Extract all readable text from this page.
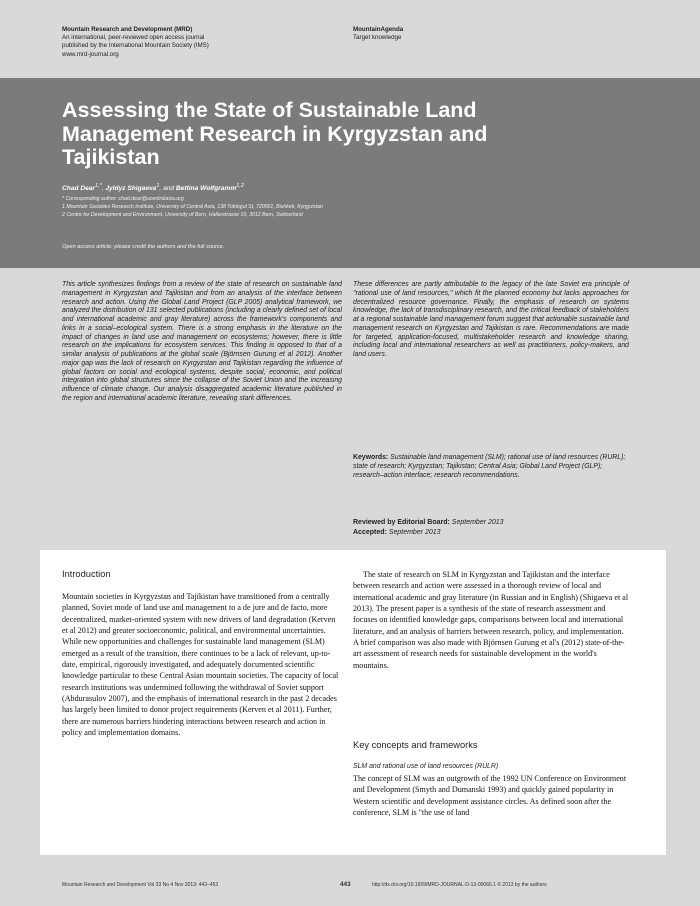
Mountain Research and Development (MRD)
An international, peer-reviewed open access journal
published by the International Mountain Society (IMS)
www.mrd-journal.org
MountainAgenda
Target knowledge
Assessing the State of Sustainable Land Management Research in Kyrgyzstan and Tajikistan
Chad Dear$^{1,*}$, Jyldyz Shigaeva$^1$, and Bettina Wolfgramm$^{1,2}$
* Corresponding author: chad.dear@ucentralasia.org
1 Mountain Societies Research Institute, University of Central Asia, 138 Toktogul St, 720001, Bishkek, Kyrgyzstan
2 Centre for Development and Environment, University of Bern, Hallerstrasse 10, 3012 Bern, Switzerland
Open access article: please credit the authors and the full source.
This article synthesizes findings from a review of the state of research on sustainable land management in Kyrgyzstan and Tajikistan and from an analysis of the interface between research and action. Using the Global Land Project (GLP 2005) analytical framework, we analyzed the distribution of 131 selected publications (including a clearly defined set of local and international academic and gray literature) across the framework's components and links in a social–ecological system. There is a strong emphasis in the literature on the impact of changes in land use and management on ecosystems; however, there is little research on the implications for ecosystem services. This finding is opposed to that of a similar analysis of publications at the global scale (Björnsen Gurung et al 2012). Another major gap was the lack of research on Kyrgyzstan and Tajikistan regarding the influence of global factors on social and ecological systems, despite social, economic, and political integration into global structures since the collapse of the Soviet Union and the increasing influence of climate change. Our analysis disaggregated academic literature published in the region and international academic literature, revealing stark differences.
These differences are partly attributable to the legacy of the late Soviet era principle of "rational use of land resources," which fit the planned economy but lacks approaches for decentralized resource governance. Finally, the emphasis of research on systems knowledge, the lack of transdisciplinary research, and the critical feedback of stakeholders at a regional sustainable land management forum suggest that actionable sustainable land management research on Kyrgyzstan and Tajikistan is rare. Recommendations are made for targeted, application-focused, multistakeholder research and knowledge sharing, including local and international researchers as well as practitioners, policy-makers, and land users.
Keywords: Sustainable land management (SLM); rational use of land resources (RURL); state of research; Kyrgyzstan; Tajikistan; Central Asia; Global Land Project (GLP); research–action interface; research recommendations.
Reviewed by Editorial Board: September 2013
Accepted: September 2013
Introduction
Mountain societies in Kyrgyzstan and Tajikistan have transitioned from a centrally planned, Soviet mode of land use and management to a de jure and de facto, more decentralized, market-oriented system with new drivers of land degradation (Kerven et al 2012) and greater socioeconomic, political, and environmental uncertainties. While new opportunities and challenges for sustainable land management (SLM) emerged as a result of the transition, there continues to be a lack of relevant, up-to-date, empirical, rigorously investigated, and adequately documented scientific knowledge particular to these Central Asian mountain societies. The capacity of local research institutions was undermined following the withdrawal of Soviet support (Abdurasulov 2007), and the emphasis of international research in the past 2 decades has largely been limited to donor project requirements (Kerven et al 2011). Further, there are numerous barriers hindering interactions between research and action in policy and implementation domains.
The state of research on SLM in Kyrgyzstan and Tajikistan and the interface between research and action were assessed in a thorough review of local and international academic and gray literature (in Russian and in English) (Shigaeva et al 2013). The present paper is a synthesis of the state of research assessment and focuses on identified knowledge gaps, comparisons between local and international literature, and an analysis of barriers between research, policy, and implementation. A brief comparison was also made with Björnsen Gurung et al's (2012) state-of-the-art assessment of research needs for sustainable development in the world's mountains.
Key concepts and frameworks
SLM and rational use of land resources (RULR)
The concept of SLM was an outgrowth of the 1992 UN Conference on Environment and Development (Smyth and Dumanski 1993) and quickly gained popularity in Western scientific and development assistance circles. As defined soon after the conference, SLM is "the use of land
Mountain Research and Development Vol 33 No 4 Nov 2013: 443–453	443	http://dx.doi.org/10.1659/MRD-JOURNAL-D-13-00066.1 © 2013 by the authors
